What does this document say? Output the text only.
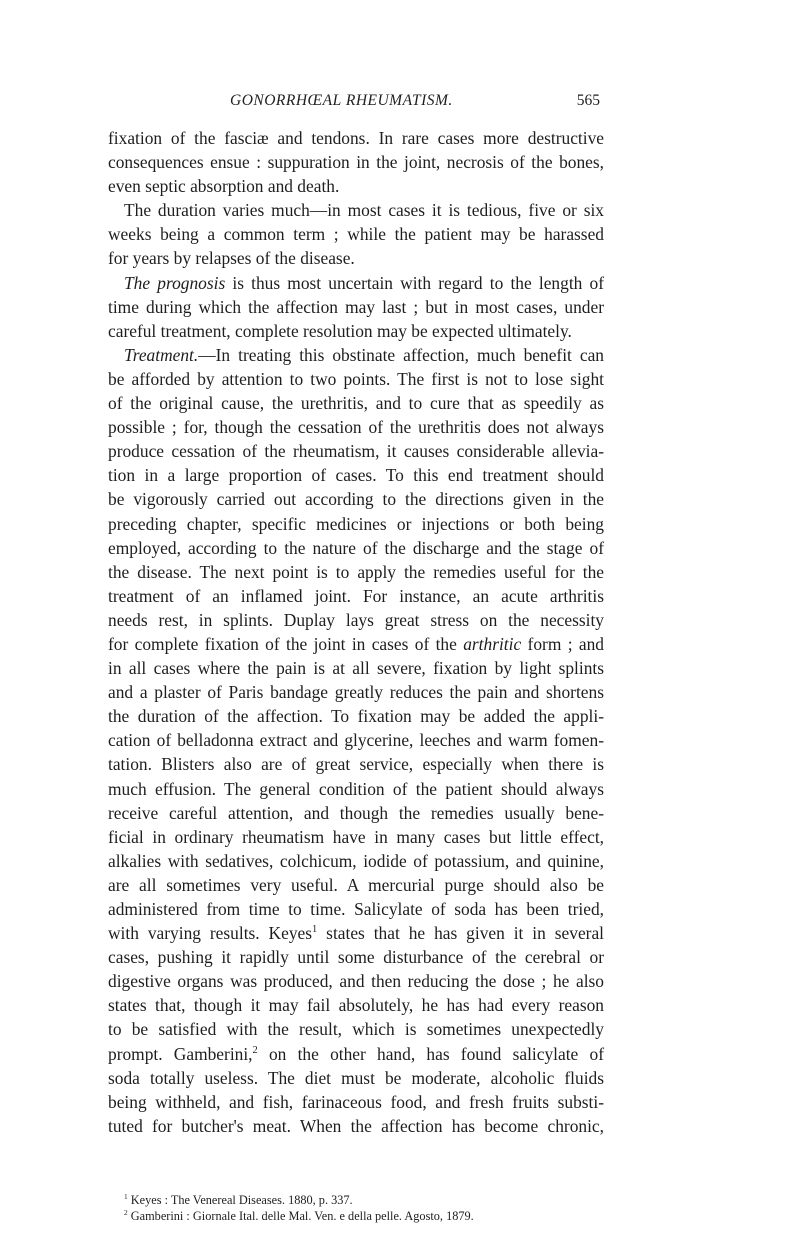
GONORRHŒAL RHEUMATISM.	565
fixation of the fasciæ and tendons. In rare cases more destructive
consequences ensue : suppuration in the joint, necrosis of the bones,
even septic absorption and death.
The duration varies much—in most cases it is tedious, five or six
weeks being a common term ; while the patient may be harassed
for years by relapses of the disease.
The prognosis is thus most uncertain with regard to the length of
time during which the affection may last ; but in most cases, under
careful treatment, complete resolution may be expected ultimately.
Treatment.—In treating this obstinate affection, much benefit can
be afforded by attention to two points. The first is not to lose sight
of the original cause, the urethritis, and to cure that as speedily as
possible ; for, though the cessation of the urethritis does not always
produce cessation of the rheumatism, it causes considerable allevia-
tion in a large proportion of cases. To this end treatment should
be vigorously carried out according to the directions given in the
preceding chapter, specific medicines or injections or both being
employed, according to the nature of the discharge and the stage of
the disease. The next point is to apply the remedies useful for the
treatment of an inflamed joint. For instance, an acute arthritis
needs rest, in splints. Duplay lays great stress on the necessity
for complete fixation of the joint in cases of the arthritic form ; and
in all cases where the pain is at all severe, fixation by light splints
and a plaster of Paris bandage greatly reduces the pain and shortens
the duration of the affection. To fixation may be added the appli-
cation of belladonna extract and glycerine, leeches and warm fomen-
tation. Blisters also are of great service, especially when there is
much effusion. The general condition of the patient should always
receive careful attention, and though the remedies usually bene-
ficial in ordinary rheumatism have in many cases but little effect,
alkalies with sedatives, colchicum, iodide of potassium, and quinine,
are all sometimes very useful. A mercurial purge should also be
administered from time to time. Salicylate of soda has been tried,
with varying results. Keyes$^1$ states that he has given it in several
cases, pushing it rapidly until some disturbance of the cerebral or
digestive organs was produced, and then reducing the dose ; he also
states that, though it may fail absolutely, he has had every reason
to be satisfied with the result, which is sometimes unexpectedly
prompt. Gamberini,$^2$ on the other hand, has found salicylate of
soda totally useless. The diet must be moderate, alcoholic fluids
being withheld, and fish, farinaceous food, and fresh fruits substi-
tuted for butcher's meat. When the affection has become chronic,
$^1$ Keyes : The Venereal Diseases. 1880, p. 337.
$^2$ Gamberini : Giornale Ital. delle Mal. Ven. e della pelle. Agosto, 1879.
